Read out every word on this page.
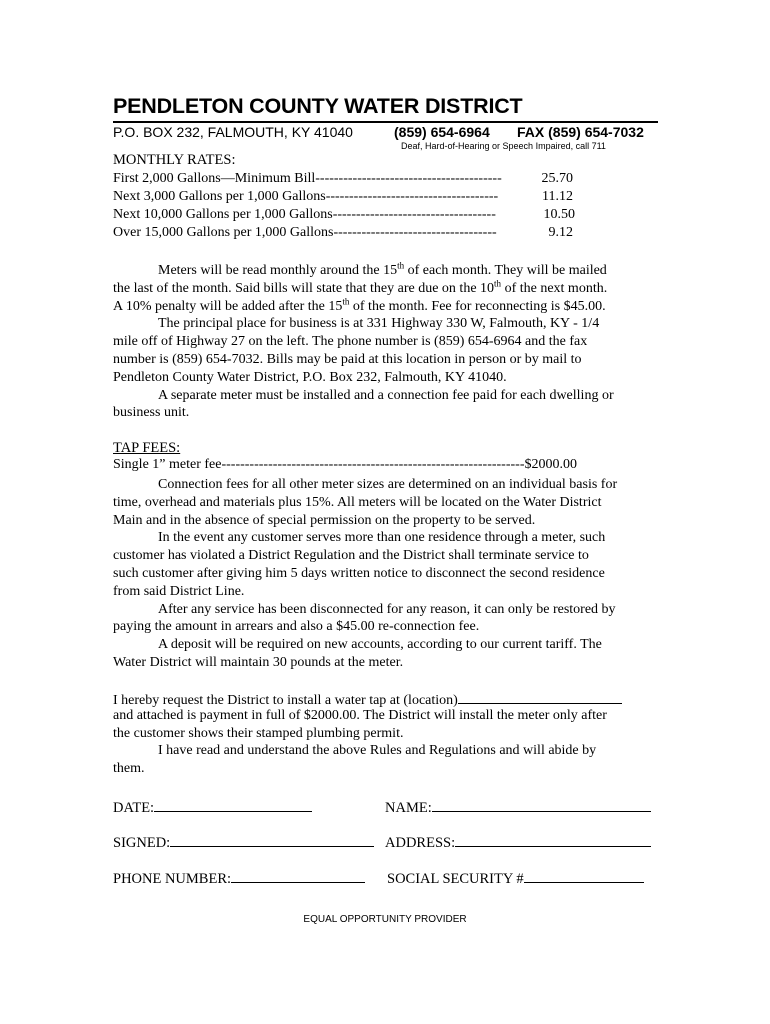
PENDLETON COUNTY WATER DISTRICT
P.O. BOX 232, FALMOUTH, KY 41040	(859) 654-6964 FAX (859) 654-7032
Deaf, Hard-of-Hearing or Speech Impaired, call 711
MONTHLY RATES:
First 2,000 Gallons—Minimum Bill----------------------------------------	25.70
Next 3,000 Gallons per 1,000 Gallons-------------------------------------	11.12
Next 10,000 Gallons per 1,000 Gallons-----------------------------------	10.50
Over 15,000 Gallons per 1,000 Gallons-----------------------------------	9.12
Meters will be read monthly around the 15th of each month. They will be mailed
the last of the month. Said bills will state that they are due on the 10th of the next month.
A 10% penalty will be added after the 15th of the month. Fee for reconnecting is $45.00.
The principal place for business is at 331 Highway 330 W, Falmouth, KY - 1/4
mile off of Highway 27 on the left. The phone number is (859) 654-6964 and the fax
number is (859) 654-7032. Bills may be paid at this location in person or by mail to
Pendleton County Water District, P.O. Box 232, Falmouth, KY 41040.
A separate meter must be installed and a connection fee paid for each dwelling or
business unit.
TAP FEES:
Single 1” meter fee-----------------------------------------------------------------$2000.00
Connection fees for all other meter sizes are determined on an individual basis for
time, overhead and materials plus 15%. All meters will be located on the Water District
Main and in the absence of special permission on the property to be served.
In the event any customer serves more than one residence through a meter, such
customer has violated a District Regulation and the District shall terminate service to
such customer after giving him 5 days written notice to disconnect the second residence
from said District Line.
After any service has been disconnected for any reason, it can only be restored by
paying the amount in arrears and also a $45.00 re-connection fee.
A deposit will be required on new accounts, according to our current tariff. The
Water District will maintain 30 pounds at the meter.
I hereby request the District to install a water tap at (location)
and attached is payment in full of $2000.00. The District will install the meter only after
the customer shows their stamped plumbing permit.
I have read and understand the above Rules and Regulations and will abide by
them.
DATE:	NAME:
SIGNED:	ADDRESS:
PHONE NUMBER:	SOCIAL SECURITY #
EQUAL OPPORTUNITY PROVIDER
